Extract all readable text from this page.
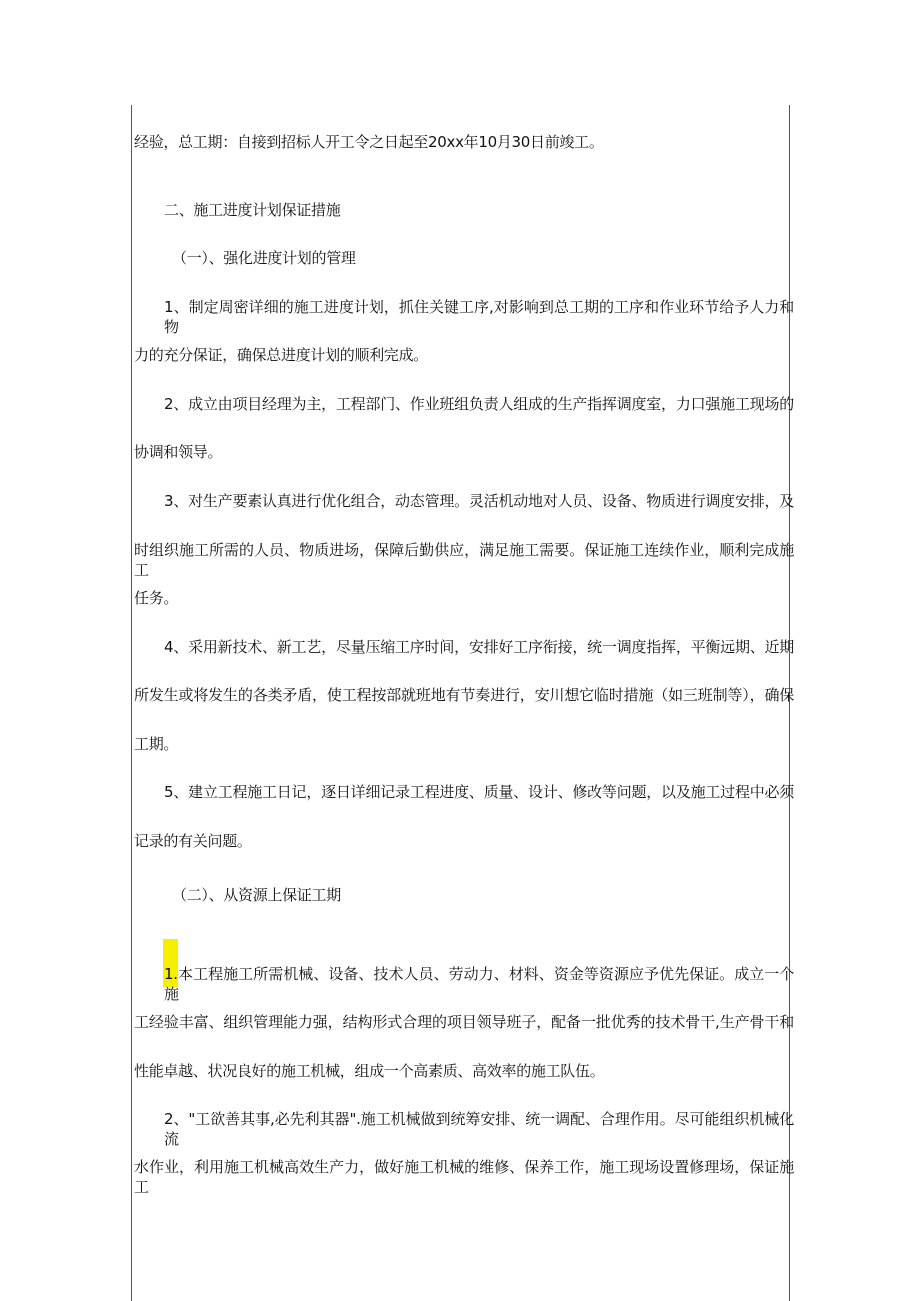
经验，总工期：自接到招标人开工令之日起至20xx年10月30日前竣工。
二、施工进度计划保证措施
（一）、强化进度计划的管理
1、制定周密详细的施工进度计划，抓住关键工序,对影响到总工期的工序和作业环节给予人力和物
力的充分保证，确保总进度计划的顺利完成。
2、成立由项目经理为主，工程部门、作业班组负责人组成的生产指挥调度室，力口强施工现场的
协调和领导。
3、对生产要素认真进行优化组合，动态管理。灵活机动地对人员、设备、物质进行调度安排，及
时组织施工所需的人员、物质进场，保障后勤供应，满足施工需要。保证施工连续作业，顺利完成施工
任务。
4、采用新技术、新工艺，尽量压缩工序时间，安排好工序衔接，统一调度指挥，平衡远期、近期
所发生或将发生的各类矛盾，使工程按部就班地有节奏进行，安川想它临时措施（如三班制等），确保
工期。
5、建立工程施工日记，逐日详细记录工程进度、质量、设计、修改等问题，以及施工过程中必须
记录的有关问题。
（二）、从资源上保证工期
1.本工程施工所需机械、设备、技术人员、劳动力、材料、资金等资源应予优先保证。成立一个施
工经验丰富、组织管理能力强，结构形式合理的项目领导班子，配备一批优秀的技术骨干,生产骨干和
性能卓越、状况良好的施工机械，组成一个高素质、高效率的施工队伍。
2、"工欲善其事,必先利其器".施工机械做到统筹安排、统一调配、合理作用。尽可能组织机械化流
水作业，利用施工机械高效生产力，做好施工机械的维修、保养工作，施工现场设置修理场，保证施工
